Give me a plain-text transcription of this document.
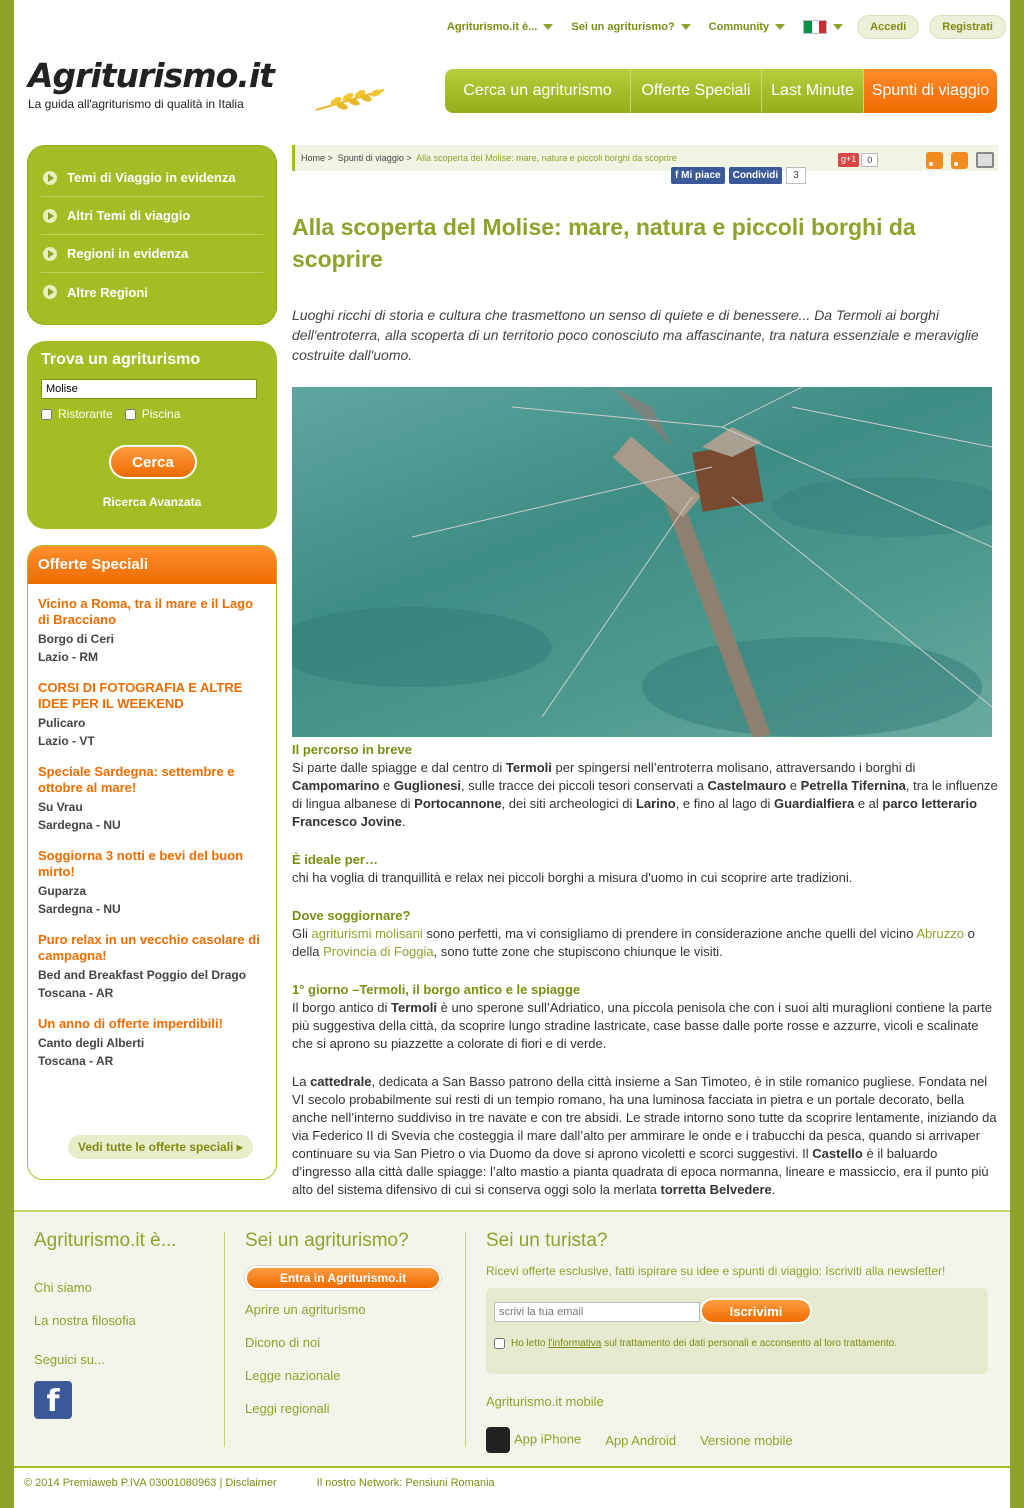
Agriturismo.it è...	Sei un agriturismo?	Community	Accedi	Registrati
Agriturismo.it
La guida all'agriturismo di qualità in Italia
Cerca un agriturismo	Offerte Speciali	Last Minute	Spunti di viaggio
Temi di Viaggio in evidenza
Altri Temi di viaggio
Regioni in evidenza
Altre Regioni
Trova un agriturismo
Molise
Ristorante Piscina
Cerca
Ricerca Avanzata
Offerte Speciali
Vicino a Roma, tra il mare e il Lago di Bracciano
Borgo di Ceri
Lazio - RM
CORSI DI FOTOGRAFIA E ALTRE IDEE PER IL WEEKEND
Pulicaro
Lazio - VT
Speciale Sardegna: settembre e ottobre al mare!
Su Vrau
Sardegna - NU
Soggiorna 3 notti e bevi del buon mirto!
Guparza
Sardegna - NU
Puro relax in un vecchio casolare di campagna!
Bed and Breakfast Poggio del Drago
Toscana - AR
Un anno di offerte imperdibili!
Canto degli Alberti
Toscana - AR
Vedi tutte le offerte speciali ▸
Home > Spunti di viaggio > Alla scoperta del Molise: mare, natura e piccoli borghi da scoprire	g+1	0
f Mi piace	Condividi	3
Alla scoperta del Molise: mare, natura e piccoli borghi da scoprire
Luoghi ricchi di storia e cultura che trasmettono un senso di quiete e di benessere... Da Termoli ai borghi dell'entroterra, alla scoperta di un territorio poco conosciuto ma affascinante, tra natura essenziale e meraviglie costruite dall'uomo.
Il percorso in breve
Si parte dalle spiagge e dal centro di Termoli per spingersi nell’entroterra molisano, attraversando i borghi di Campomarino e Guglionesi, sulle tracce dei piccoli tesori conservati a Castelmauro e Petrella Tifernina, tra le influenze di lingua albanese di Portocannone, dei siti archeologici di Larino, e fino al lago di Guardialfiera e al parco letterario Francesco Jovine.
È ideale per…
chi ha voglia di tranquillità e relax nei piccoli borghi a misura d'uomo in cui scoprire arte tradizioni.
Dove soggiornare?
Gli agriturismi molisani sono perfetti, ma vi consigliamo di prendere in considerazione anche quelli del vicino Abruzzo o della Provincia di Foggia, sono tutte zone che stupiscono chiunque le visiti.
1° giorno –Termoli, il borgo antico e le spiagge
Il borgo antico di Termoli è uno sperone sull’Adriatico, una piccola penisola che con i suoi alti muraglioni contiene la parte più suggestiva della città, da scoprire lungo stradine lastricate, case basse dalle porte rosse e azzurre, vicoli e scalinate che si aprono su piazzette a colorate di fiori e di verde.
La cattedrale, dedicata a San Basso patrono della città insieme a San Timoteo, è in stile romanico pugliese. Fondata nel VI secolo probabilmente sui resti di un tempio romano, ha una luminosa facciata in pietra e un portale decorato, bella anche nell’interno suddiviso in tre navate e con tre absidi. Le strade intorno sono tutte da scoprire lentamente, iniziando da via Federico II di Svevia che costeggia il mare dall’alto per ammirare le onde e i trabucchi da pesca, quando si arrivaper continuare su via San Pietro o via Duomo da dove si aprono vicoletti e scorci suggestivi. Il Castello è il baluardo d’ingresso alla città dalle spiagge: l’alto mastio a pianta quadrata di epoca normanna, lineare e massiccio, era il punto più alto del sistema difensivo di cui si conserva oggi solo la merlata torretta Belvedere.
Agriturismo.it è...
Chi siamo
La nostra filosofia
Seguici su...
f
Sei un agriturismo?
Entra in Agriturismo.it
Aprire un agriturismo
Dicono di noi
Legge nazionale
Leggi regionali
Sei un turista?
Ricevi offerte esclusive, fatti ispirare su idee e spunti di viaggio: Iscriviti alla newsletter!
scrivi la tua email
Iscrivimi
Ho letto l'informativa sul trattamento dei dati personali e acconsento al loro trattamento.
Agriturismo.it mobile
App iPhone App Android Versione mobile
© 2014 Premiaweb P.IVA 03001080963 | Disclaimer	Il nostro Network: Pensiuni Romania
